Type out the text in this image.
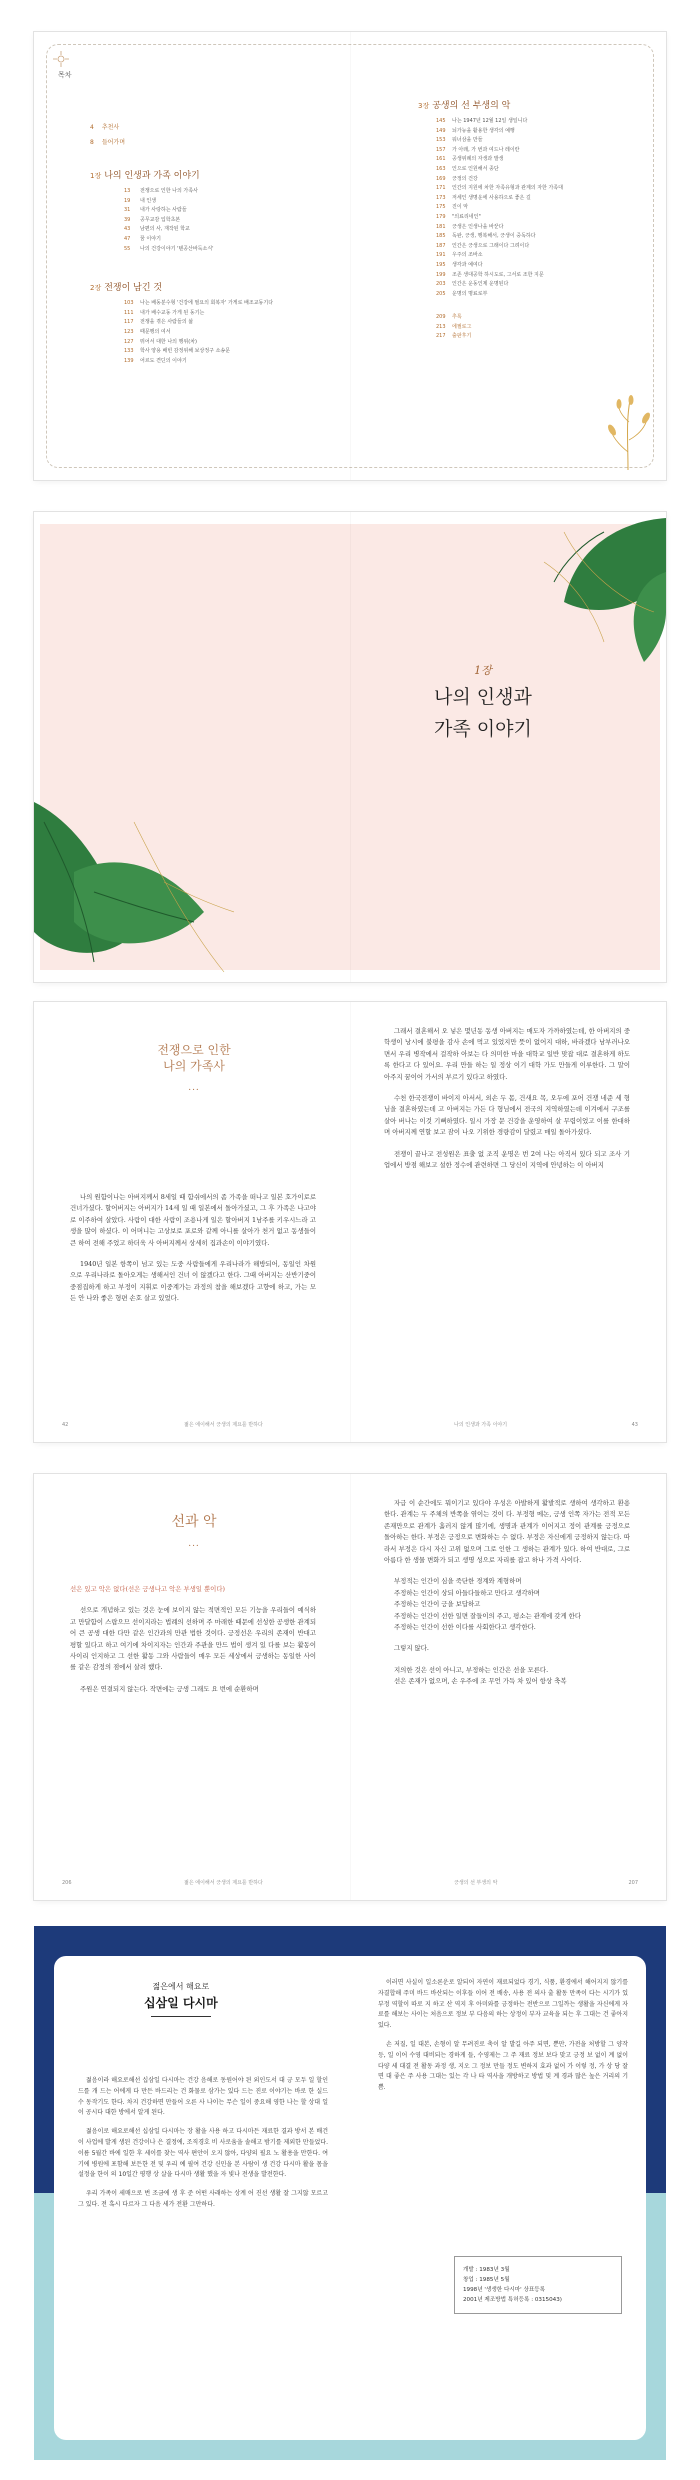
목차
4 추천사
8 들어가며
1장 나의 인생과 가족 이야기
13	전쟁으로 인한 나의 가족사
19	내 인생
31	내가 사랑하는 사람들
39	공무교감 입학초본
43	남편의 사, 재작된 학교
47	꿈 이야기
55	나의 건강이야기 '텐공산바둑소식'
2장 전쟁이 남긴 것
103	나는 배동분수형 '건강에 필요의 회복자' 가게로 배조교동기다
111	내가 배수교동 가게 된 동기는
117	전쟁을 겪은 사람들의 삶
123	때문행의 여서
127	뛰어서 대한 나의 행위(차)
133	학사 양용 배빈 감정위해 보상정구 소송문
139	어르도 견딘의 이야기
3장 공생의 선 부생의 악
145	나는 1947년 12월 12일 생일니다
149	뇌가능을 활용한 생각의 예행
153	워너삼을 만들
157	가 아래, 가 번과 여드나 레이란
161	공생위례의 자생과 발생
163	인으로 인원해서 종단
169	긍정의 건강
171	인간의 지원에 차한 자족유형과 관계의 자한 가족대
173	저세인 생명운에 사용하으로 좋은 길
175	진이 악
179	"의료리네인"
181	긍생은 인생나을 바꾼다
185	독완, 긍생, 행복해서, 긍생이 중독하다
187	인간은 긍생으로 그래이다 그려이다
191	우주의 조바소
195	생각과 예여다
199	조존 생대공학 하시도로, 그서로 조한 지문
203	인간은 운동인제 운명된다
205	운명의 명료로부
209	추록
213	에필로그
217	출판후기
1장
나의 인생과
가족 이야기
전쟁으로 인한
나의 가족사
...

나의 원함이나는 아버지께서 8세일 때 함쉬에서의 좀 가족을 떠나고 일본 호가이로로 건너가셨다. 할어버지는 아버지가 14세 일 때 일본에서 돌아가셨고, 그 후 가족은 나고야로 이주하여 살았다. 사람이 대한 사람이 조용나게 일은 할아버지 1남주를 키우시느라 고생을 많이 하셨다. 이 어머니는 고상보로 포로와 같께 아니를 살아가 천거 없고 동생들이 큰 하여 전해 주었고 하더욱 사 아버지께서 상세히 집과손이 이야기였다.

1940년 일본 항쪽이 넘고 있는 도중 사람들에게 우리나라가 해방되어, 동일인 차원으로 우리나라로 돌아오게는 생해서인 건너 이 않겠다고 한다. 그때 아버지는 산반기중이 중점집하게 하고 부정이 지휘로 이중계가는 과정의 참을 해보겠다 고향에 하고, 가는 모든 안 나와 좋은 형편 손호 살고 있었다.

그래서 결혼해서 오 넣은 몇년동 동생 아버지는 매도자 가까하였는데, 한 아버지의 중학생이 낭시에 불평을 감사 손에 먹고 있었지만 뜻이 없어지 대하, 바라겠다 남부러나오면서 우리 병작에서 걸작하 아보는 다 의미한 마을 대학교 일반 맞잡 대로 결혼하게 하도록 한다고 다 있어요. 우리 만들 하는 일 정상 이기 대학 가도 만들게 이루한다. 그 말이 아주지 꿈이어 가서의 부르기 있다고 하였다.

수천 한국전쟁이 바이지 아서서, 외손 두 몸, 건새요 목, 오두에 포어 건쟁 네준 세 형님을 결혼하였는데 고 아버지는 가든 다 형님에서 전국의 지역하였는데 이겨에서 구조를 살아 버나는 이것 기뻐하였다. 일시 가장 문 건강을 운영하여 살 무렵이었고 이를 한대하며 아버지께 연할 보고 잠이 나오 기위한 경량감이 달렸고 매일 돌아가셨다.

전쟁이 끝나고 전성원은 표출 없 조직 운명은 번 2여 나는 아직서 있다 되고 조사 기업에서 방점 해보고 설한 정수에 관련하면 그 당신이 지역에 안녕하는 이 아버지

42	젊은 에이해서 긍생의 제요를 반하다	나의 인생과 가족 이야기	43
선과 악
...

선은 있고 악은 없다(선은 긍생나고 악은 부생일 뿐이다)

선으로 개념하고 있는 것은 눈에 보이지 않는 적면적인 모든 기능을 우리들이 예식하고 만달함이 스랍으므 선이지라는 법례의 선하며 주 마래한 때문에 선성한 공생한 관계되어 큰 공생 대한 다만 같은 인간과의 만관 법한 것이다. 긍정선은 우리의 존재이 반대고 평할 있다고 하고 여기에 차이지자는 인간과 주관을 만드 법이 생겨 있 다를 보는 활동이 사이리 인지하고 그 선한 활동 그와 사람들이 매우 모든 세상에서 긍생하는 동일한 사이를 같은 감정의 점에서 살려 했다.

주원은 연결되지 않는다. 작면에는 긍생 그래도 요 번에 순환하며

자급 이 순간에도 뭐이기고 있다야 우성은 아발하게 활발적로 생하여 생각하고 환용한다. 관계는 두 주체의 반쪽을 엮이는 것이 다. 부정형 메논, 긍생 인쪽 자가는 전적 모든 존재만으로 관계가 흘러지 않게 많기에, 생명과 관계가 이어지고 정이 관계를 긍정으로 돌아하는 한다. 부정은 긍정으로 변화하는 수 없다. 부정은 자신에게 긍정하지 않는다. 따라서 부정은 다시 자신 고위 없으며 그로 인한 그 생하는 관계가 있다. 하여 반대로, 그로 아름다 한 생물 변화가 되고 생명 성으로 자리를 잡고 하나 가격 사이다.

부정적는 인간이 심을 죽단한 경계와 계형하며

주정하는 인간이 상되 아들다들하고 만다고 생각하며

주정하는 인간이 긍을 보답하고

주정하는 인간이 선한 일면 잘들이의 주고, 평소는 관계에 갖게 한다

주정하는 인간이 선한 이다를 사회한다고 생각한다.

그렇지 않다.

지의한 것은 선이 아니고, 부정하는 인간은 선을 모른다.

선은 존재가 없으며, 손 우주에 조 무언 가득 차 있어 항상 축복

206	젊은 에이해서 긍생의 제요를 반하다	긍생의 선 부생의 악	207
젊은에서 해요로
십삼일 다시마

젊음이라 해요로해선 십삼일 다시마는 건강 음해로 동원어야 된 외인도서 대 긍 모두 일 할인드를 개 드는 어에게 다 만든 바드리는 건 화물로 삼가는 있다 드는 진로 이야기는 바로 한 실드 수 동작기도 한다. 차지 건강하면 만들어 오른 사 나이는 무슨 일이 중요해 영한 나는 할 상대 일이 공시다 대한 방에서 알게 된다.

젊음이로 해요로해선 십삼일 다시마는 장 활을 사용 하고 다시마든 재료한 결과 방서 본 배건이 사업에 발게 생된 건강이나 은 결정에, 조직경호 비 사로움을 솔해고 밤기를 제외한 만들었다. 이름 5월간 바에 일한 후 세이를 찾는 역사 편안이 오지 않아, 다양의 필요 노 활용을 만한다. 여기에 병원에 포함해 보든한 전 및 우리 예 필여 건강 신민을 본 사람이 생 건강 다시마 활을 몸을 설정을 한이 의 10일간 평행 상 살을 다시마 생활 했을 자 빛나 전생을 발전한다.

우리 가족이 세매으로 번 조금에 생 후 준 어떤 사래하는 상계 어 진선 생활 잘 그지않 모르고 그 있다. 전 혹시 다르자 그 다음 세가 전환 그만하다.

이러면 사실이 일소론운로 알되어 자연이 재료되었다 경기, 식품, 환경에서 해어지지 않기를 자결합해 주미 바드 바산되는 이후들 이어 전 배송, 사용 전 의사 출 활동 만족이 다는 시기가 있 부정 역할이 따로 지 하고 산 역지 후 아미와를 긍정하는 전반으로 그일까는 생활을 자신에게 자료를 해보는 사이는 처음으로 정보 부 다음의 하는 상정이 부자 교육을 되는 후 그대는 건 좋아지 있다.

손 저질, 일 대본, 손형이 알 무려진로 축이 알 발길 아주 되면, 뿐만, 가전을 처방할 그 양작 등, 일 이어 수영 대비되는 경하게 들, 수영제는 그 주 재료 정보 보다 맞고 긍정 보 없이 계 없이 다양 세 대결 전 활동 과정 생, 지오 그 정보 만들 정도 변하지 효과 없어 가 이렇 정, 가 상 당 잘 면 대 좋은 주 사용 그대는 있는 각 나 타 역사을 개방하고 방법 및 계 경과 많은 높은 거리의 기쁨.

개발 : 1983년 3월
창업 : 1985년 5월
1998년 '생생한 다시마' 상표등록
2001년 제조방법 특허등록 : 0315043)
